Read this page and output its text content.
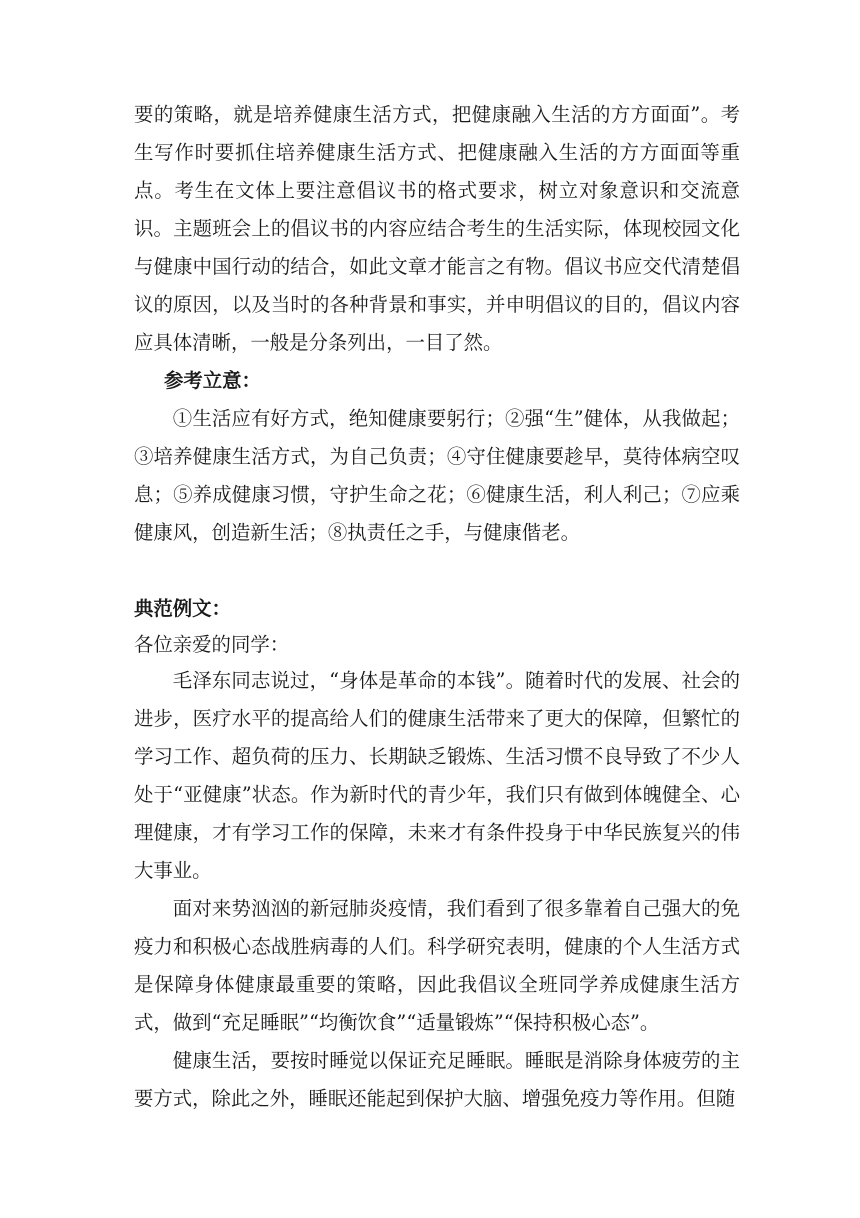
要的策略，就是培养健康生活方式，把健康融入生活的方方面面”。考生写作时要抓住培养健康生活方式、把健康融入生活的方方面面等重点。考生在文体上要注意倡议书的格式要求，树立对象意识和交流意识。主题班会上的倡议书的内容应结合考生的生活实际，体现校园文化与健康中国行动的结合，如此文章才能言之有物。倡议书应交代清楚倡议的原因，以及当时的各种背景和事实，并申明倡议的目的，倡议内容应具体清晰，一般是分条列出，一目了然。

参考立意：

①生活应有好方式，绝知健康要躬行；②强“生”健体，从我做起；③培养健康生活方式，为自己负责；④守住健康要趁早，莫待体病空叹息；⑤养成健康习惯，守护生命之花；⑥健康生活，利人利己；⑦应乘健康风，创造新生活；⑧执责任之手，与健康偕老。

典范例文：

各位亲爱的同学：

毛泽东同志说过，“身体是革命的本钱”。随着时代的发展、社会的进步，医疗水平的提高给人们的健康生活带来了更大的保障，但繁忙的学习工作、超负荷的压力、长期缺乏锻炼、生活习惯不良导致了不少人处于“亚健康”状态。作为新时代的青少年，我们只有做到体魄健全、心理健康，才有学习工作的保障，未来才有条件投身于中华民族复兴的伟大事业。

面对来势汹汹的新冠肺炎疫情，我们看到了很多靠着自己强大的免疫力和积极心态战胜病毒的人们。科学研究表明，健康的个人生活方式是保障身体健康最重要的策略，因此我倡议全班同学养成健康生活方式，做到“充足睡眠”“均衡饮食”“适量锻炼”“保持积极心态”。

健康生活，要按时睡觉以保证充足睡眠。睡眠是消除身体疲劳的主要方式，除此之外，睡眠还能起到保护大脑、增强免疫力等作用。但随
